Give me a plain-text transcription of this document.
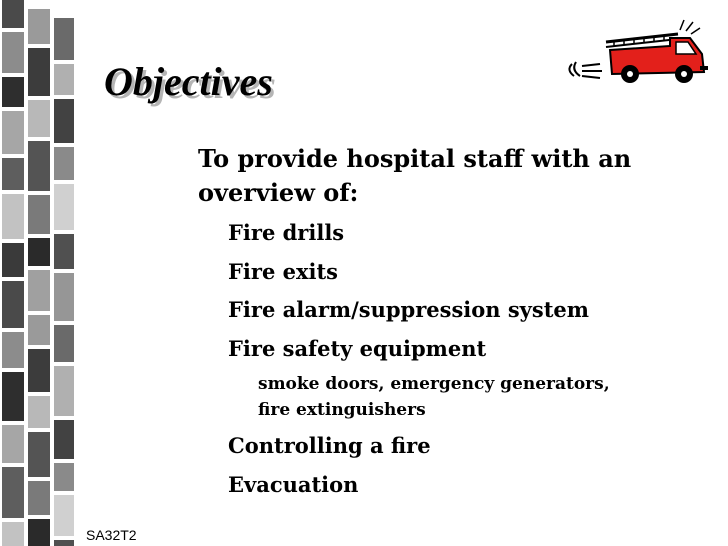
Objectives
To provide hospital staff with an
overview of:
Fire drills
Fire exits
Fire alarm/suppression system
Fire safety equipment
smoke doors, emergency generators,
fire extinguishers
Controlling a fire
Evacuation
SA32T2
